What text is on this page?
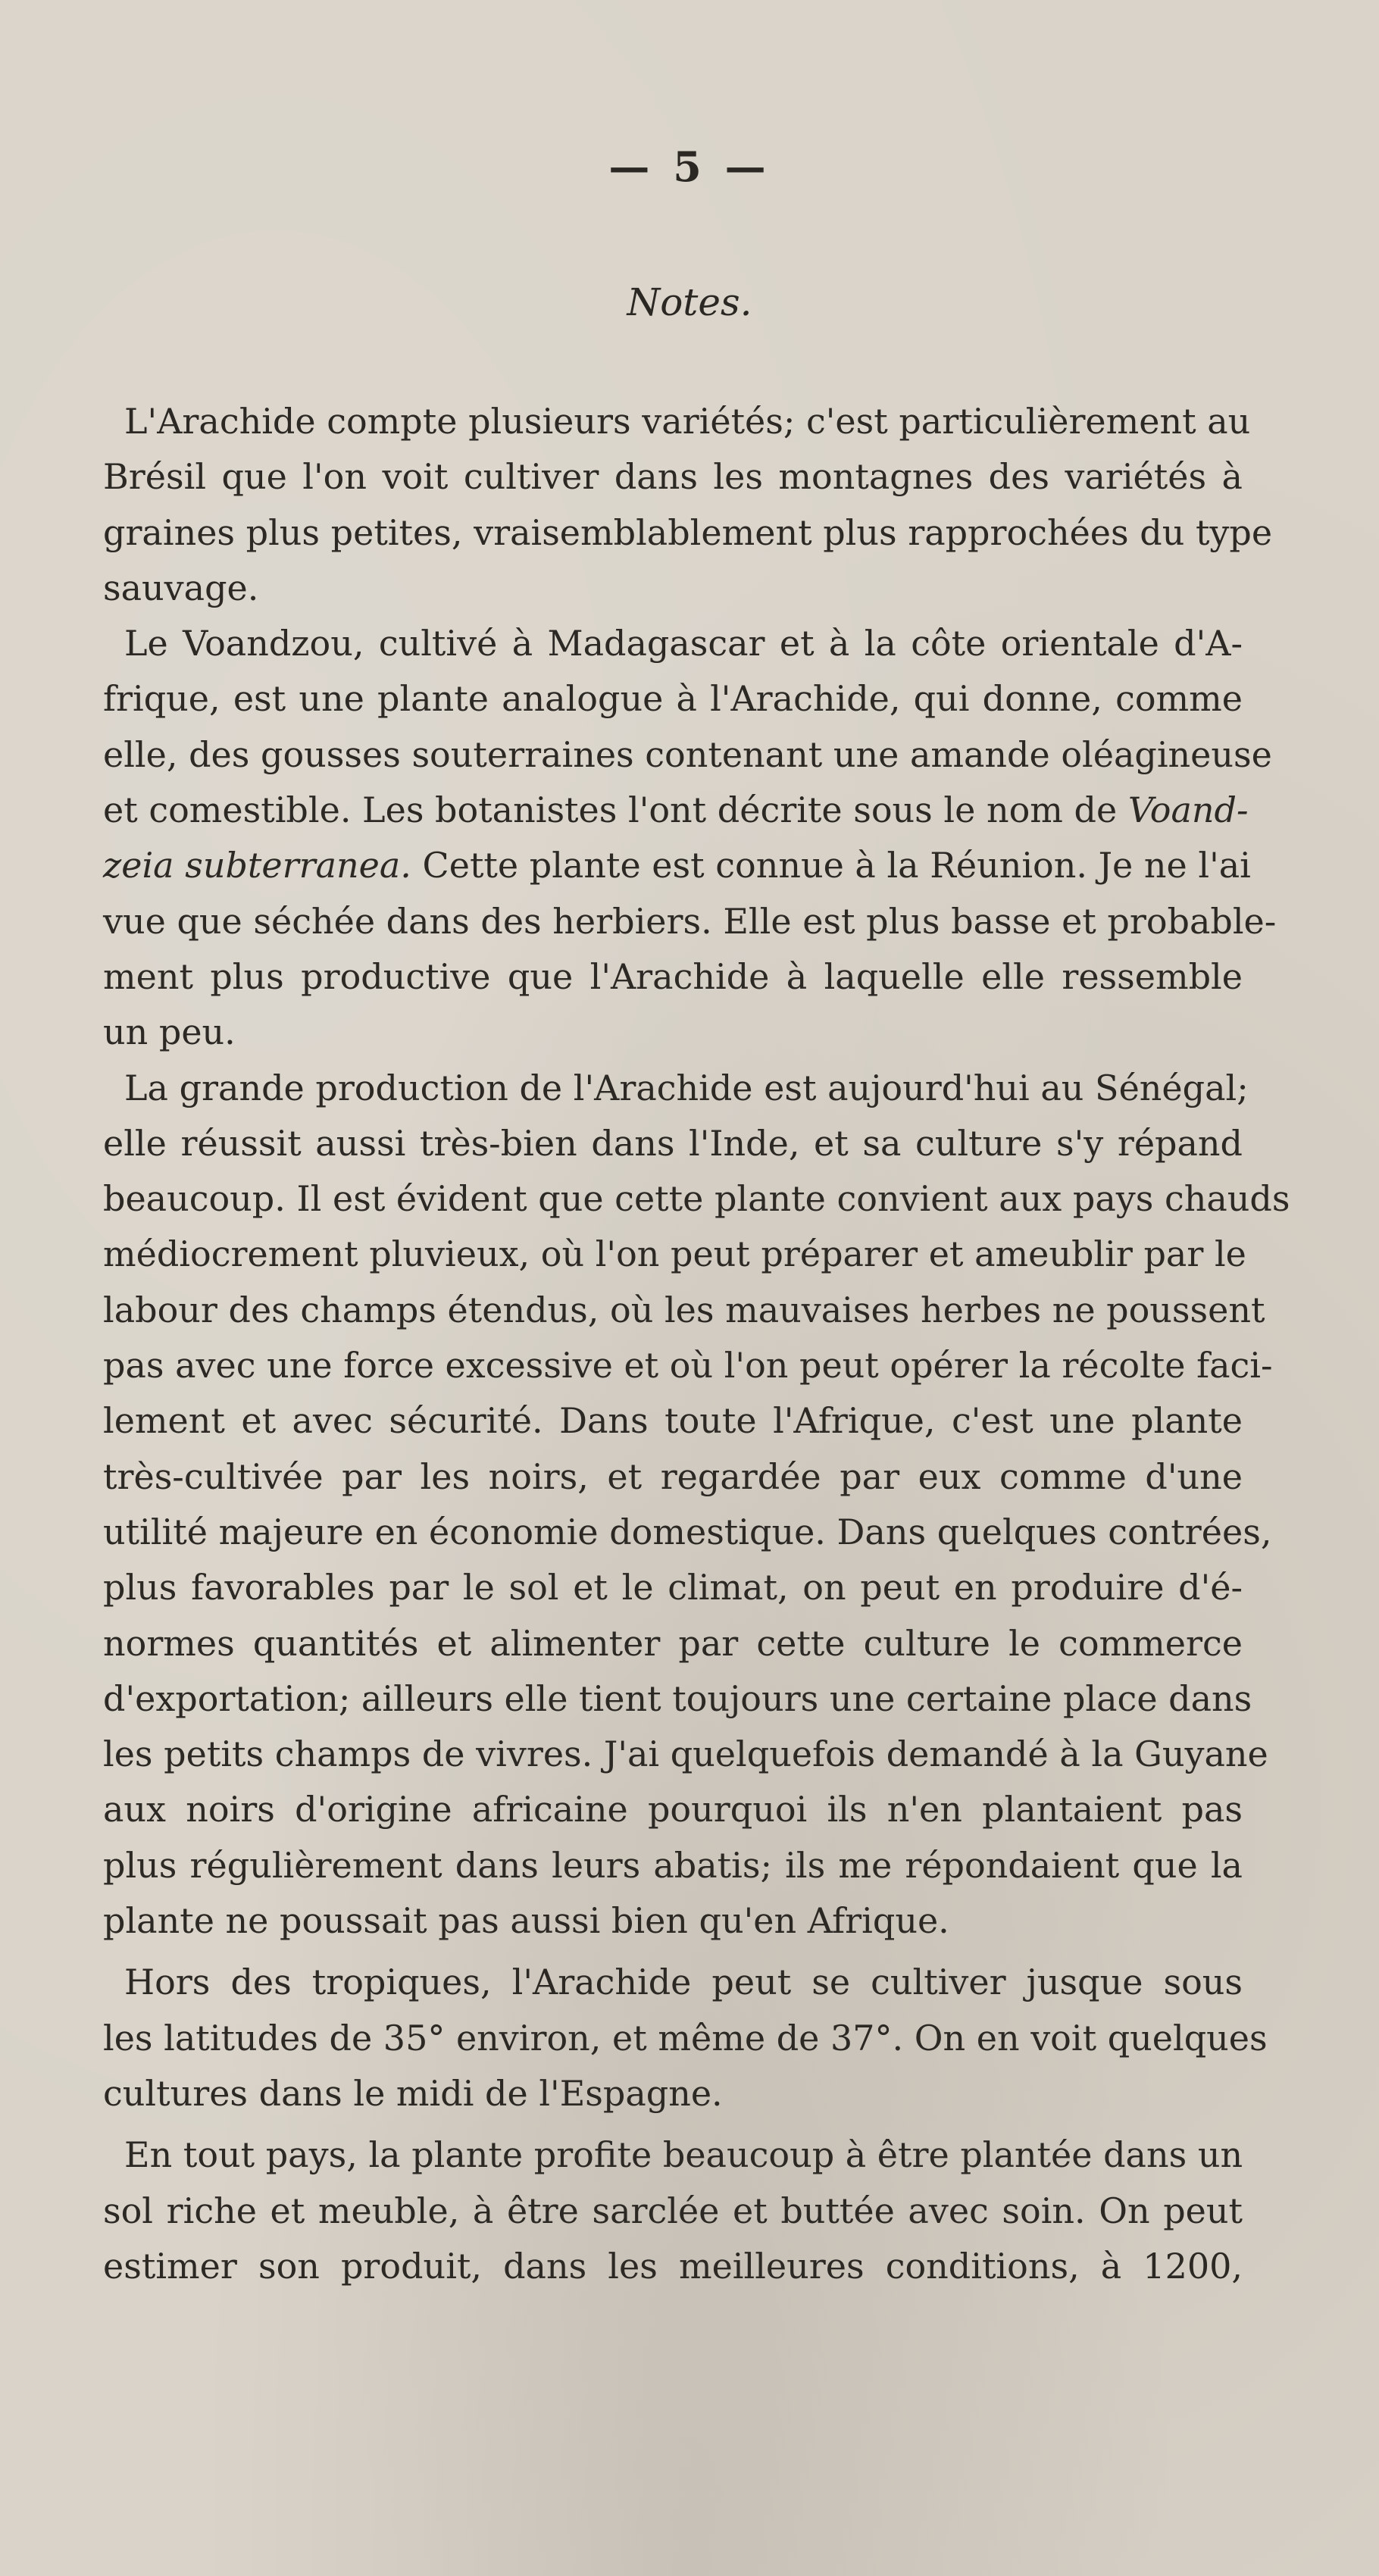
— 5 —
Notes.
L'Arachide compte plusieurs variétés; c'est particulièrement au
Brésil que l'on voit cultiver dans les montagnes des variétés à
graines plus petites, vraisemblablement plus rapprochées du type
sauvage.
Le Voandzou, cultivé à Madagascar et à la côte orientale d'A-
frique, est une plante analogue à l'Arachide, qui donne, comme
elle, des gousses souterraines contenant une amande oléagineuse
et comestible. Les botanistes l'ont décrite sous le nom de Voand-
zeia subterranea. Cette plante est connue à la Réunion. Je ne l'ai
vue que séchée dans des herbiers. Elle est plus basse et probable-
ment plus productive que l'Arachide à laquelle elle ressemble
un peu.
La grande production de l'Arachide est aujourd'hui au Sénégal;
elle réussit aussi très-bien dans l'Inde, et sa culture s'y répand
beaucoup. Il est évident que cette plante convient aux pays chauds
médiocrement pluvieux, où l'on peut préparer et ameublir par le
labour des champs étendus, où les mauvaises herbes ne poussent
pas avec une force excessive et où l'on peut opérer la récolte faci-
lement et avec sécurité. Dans toute l'Afrique, c'est une plante
très-cultivée par les noirs, et regardée par eux comme d'une
utilité majeure en économie domestique. Dans quelques contrées,
plus favorables par le sol et le climat, on peut en produire d'é-
normes quantités et alimenter par cette culture le commerce
d'exportation; ailleurs elle tient toujours une certaine place dans
les petits champs de vivres. J'ai quelquefois demandé à la Guyane
aux noirs d'origine africaine pourquoi ils n'en plantaient pas
plus régulièrement dans leurs abatis; ils me répondaient que la
plante ne poussait pas aussi bien qu'en Afrique.
Hors des tropiques, l'Arachide peut se cultiver jusque sous
les latitudes de 35° environ, et même de 37°. On en voit quelques
cultures dans le midi de l'Espagne.
En tout pays, la plante profite beaucoup à être plantée dans un
sol riche et meuble, à être sarclée et buttée avec soin. On peut
estimer son produit, dans les meilleures conditions, à 1200,
